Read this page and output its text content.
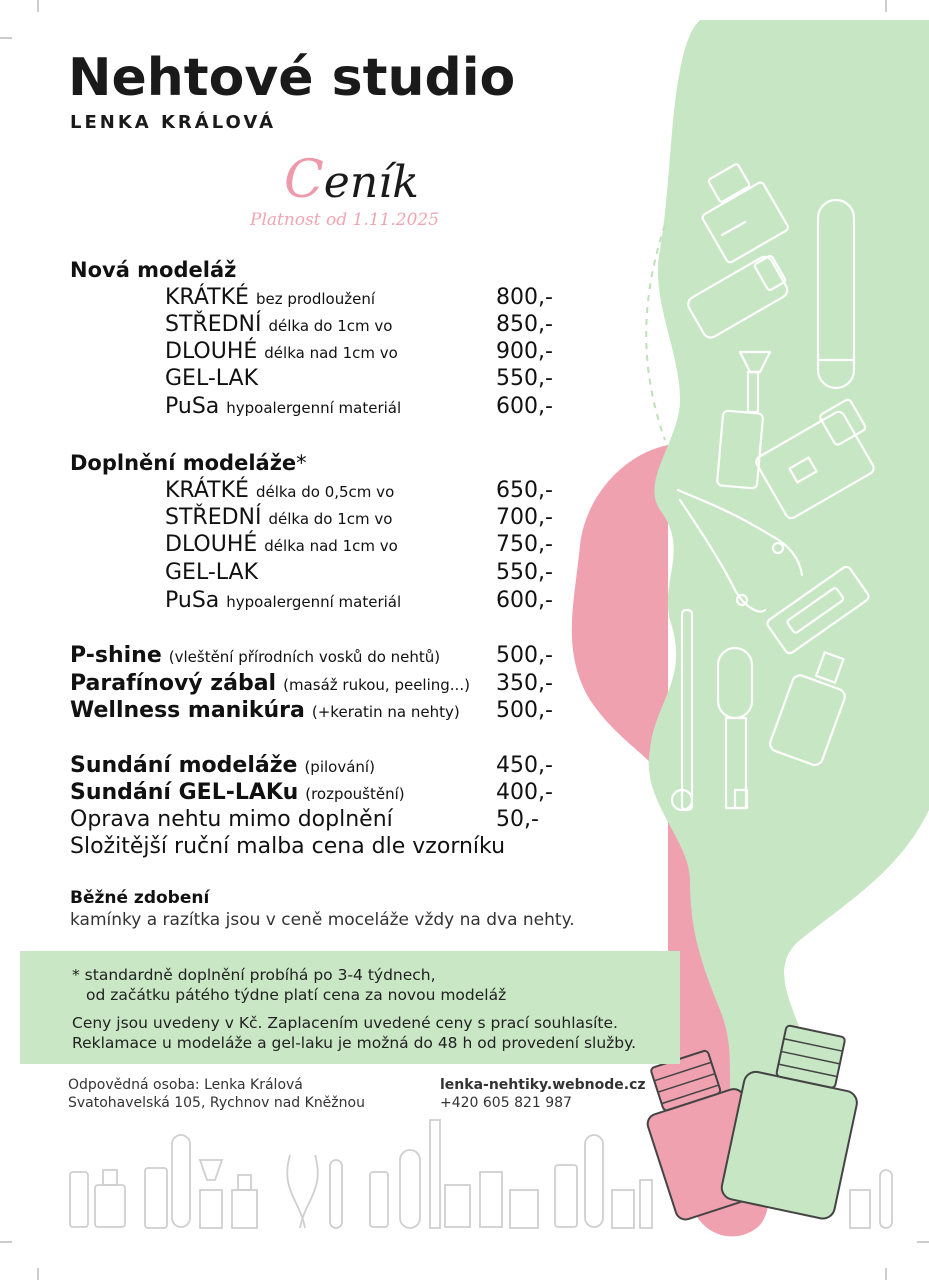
Nehtové studio
LENKA KRÁLOVÁ
Ceník
Platnost od 1.11.2025
Nová modeláž
KRÁTKÉ bez prodloužení	800,-
STŘEDNÍ délka do 1cm vo	850,-
DLOUHÉ délka nad 1cm vo	900,-
GEL-LAK	550,-
PuSa hypoalergenní materiál	600,-
Doplnění modeláže*
KRÁTKÉ délka do 0,5cm vo	650,-
STŘEDNÍ délka do 1cm vo	700,-
DLOUHÉ délka nad 1cm vo	750,-
GEL-LAK	550,-
PuSa hypoalergenní materiál	600,-
P-shine (vleštění přírodních vosků do nehtů)	500,-
Parafínový zábal (masáž rukou, peeling...) 350,-
Wellness manikúra (+keratin na nehty) 500,-
Sundání modeláže (pilování)	450,-
Sundání GEL-LAKu (rozpouštění)	400,-
Oprava nehtu mimo doplnění	50,-
Složitější ruční malba cena dle vzorníku
Běžné zdobení
kamínky a razítka jsou v ceně moceláže vždy na dva nehty.
* standardně doplnění probíhá po 3-4 týdnech,
od začátku pátého týdne platí cena za novou modeláž
Ceny jsou uvedeny v Kč. Zaplacením uvedené ceny s prací souhlasíte.
Reklamace u modeláže a gel-laku je možná do 48 h od provedení služby.
Odpovědná osoba: Lenka Králová
Svatohavelská 105, Rychnov nad Kněžnou
lenka-nehtiky.webnode.cz
+420 605 821 987
